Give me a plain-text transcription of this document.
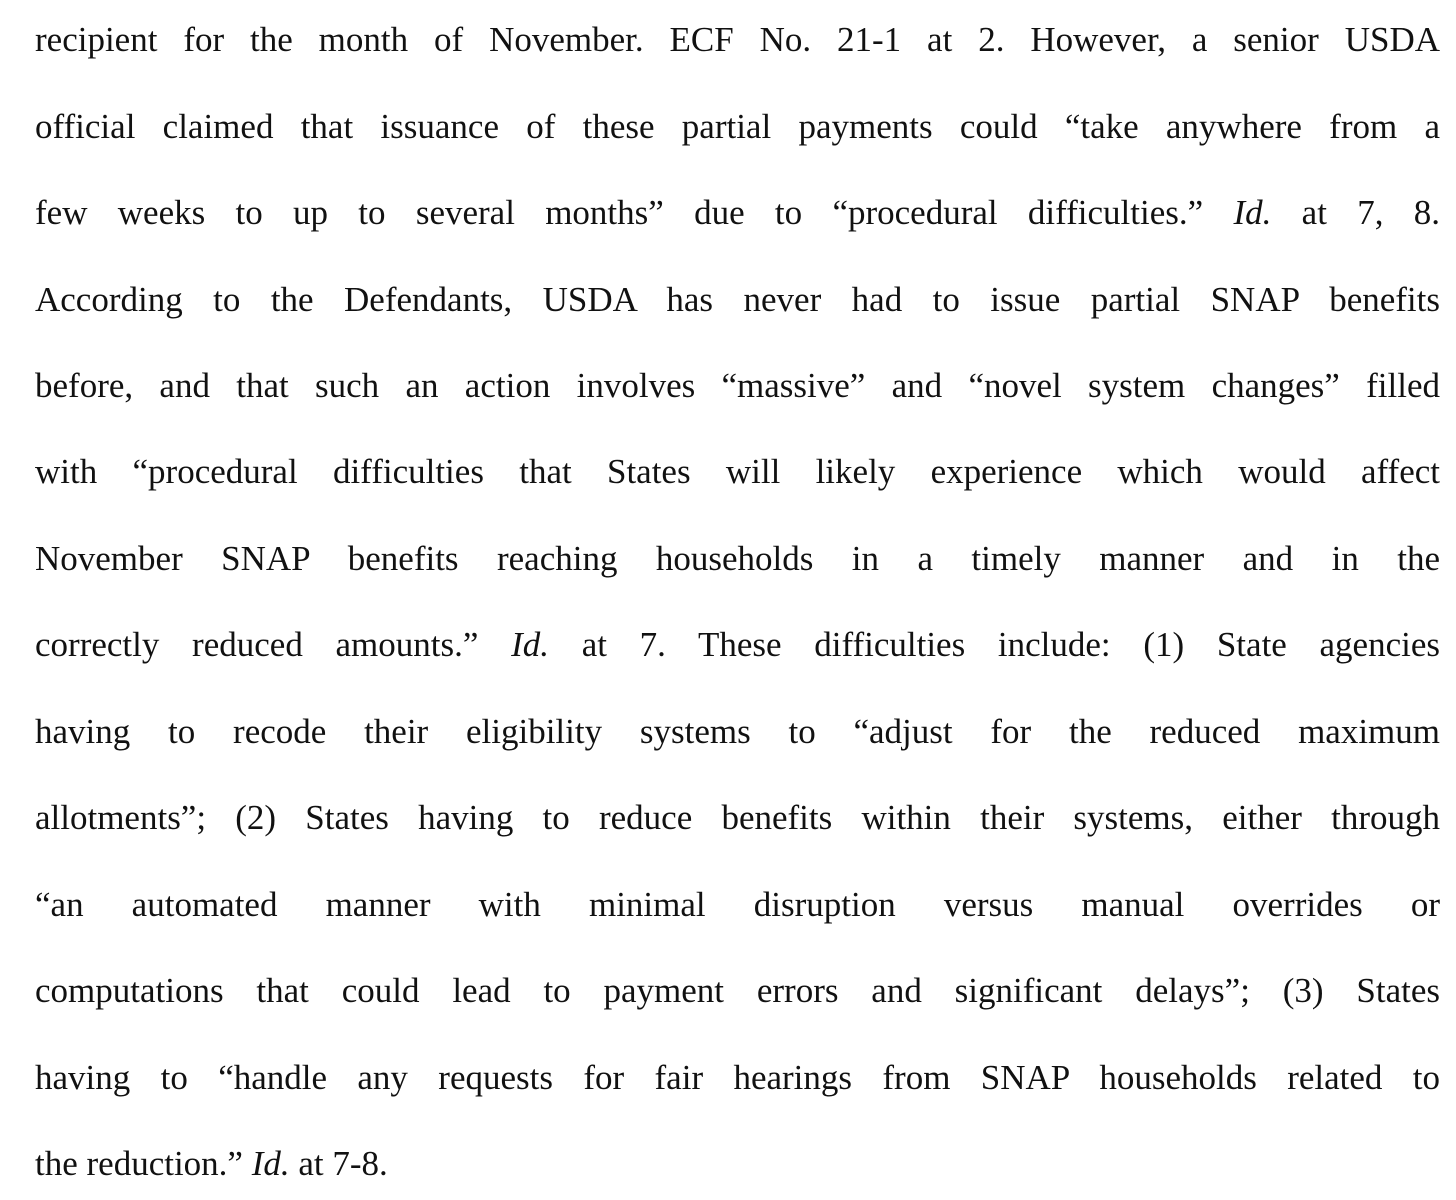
recipient for the month of November. ECF No. 21-1 at 2. However, a senior USDA
official claimed that issuance of these partial payments could “take anywhere from a
few weeks to up to several months” due to “procedural difficulties.” Id. at 7, 8.
According to the Defendants, USDA has never had to issue partial SNAP benefits
before, and that such an action involves “massive” and “novel system changes” filled
with “procedural difficulties that States will likely experience which would affect
November SNAP benefits reaching households in a timely manner and in the
correctly reduced amounts.” Id. at 7. These difficulties include: (1) State agencies
having to recode their eligibility systems to “adjust for the reduced maximum
allotments”; (2) States having to reduce benefits within their systems, either through
“an automated manner with minimal disruption versus manual overrides or
computations that could lead to payment errors and significant delays”; (3) States
having to “handle any requests for fair hearings from SNAP households related to
the reduction.” Id. at 7-8.
